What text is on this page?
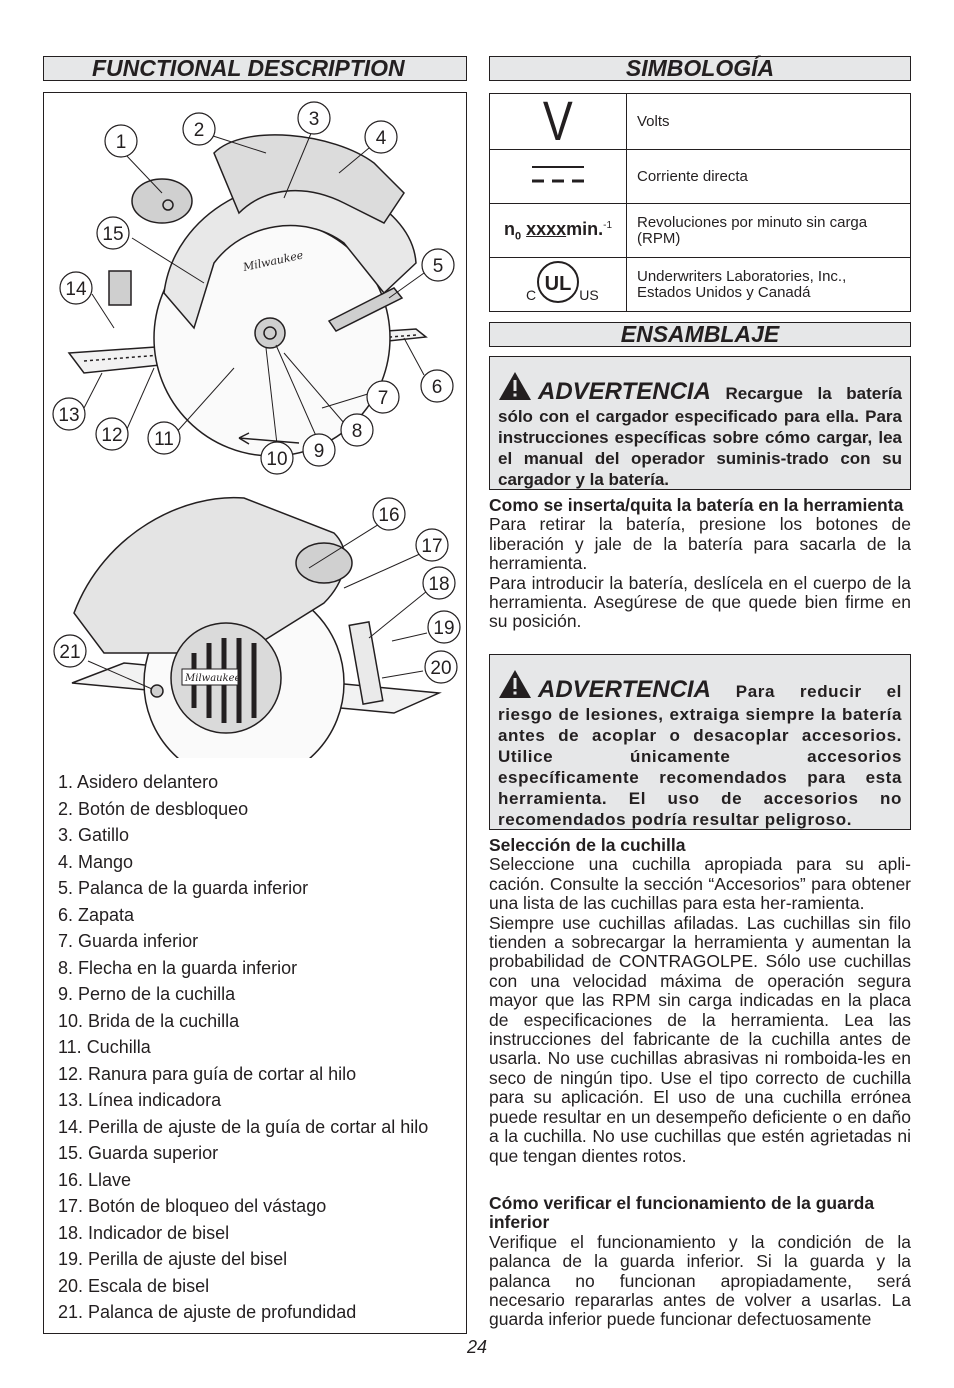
FUNCTIONAL DESCRIPTION	SIMBOLOGÍA
Milwaukee
Milwaukee
1
2
3
4
5
6
7
8
9
10
11
12
13
14
15
16
17
18
19
20
21
1. Asidero delantero
2. Botón de desbloqueo
3. Gatillo
4. Mango
5. Palanca de la guarda inferior
6. Zapata
7. Guarda inferior
8. Flecha en la guarda inferior
9. Perno de la cuchilla
10. Brida de la cuchilla
11. Cuchilla
12. Ranura para guía de cortar al hilo
13. Línea indicadora
14. Perilla de ajuste de la guía de cortar al hilo
15. Guarda superior
16. Llave
17. Botón de bloqueo del vástago
18. Indicador de bisel
19. Perilla de ajuste del bisel
20. Escala de bisel
21. Palanca de ajuste de profundidad
V	Volts
	Corriente directa
$n_0$ xxxxmin.$^{-1}$	Revoluciones por minuto sin carga (RPM)

UL
C US	Underwriters Laboratories, Inc., Estados Unidos y Canadá
ENSAMBLAJE
ADVERTENCIA Recargue la batería sólo con el cargador especificado para ella. Para instrucciones específicas sobre cómo cargar, lea el manual del operador suminis-trado con su cargador y la batería.
Como se inserta/quita la batería en la herramienta

Para retirar la batería, presione los botones de liberación y jale de la batería para sacarla de la herramienta.

Para introducir la batería, deslícela en el cuerpo de la herramienta. Asegúrese de que quede bien firme en su posición.

ADVERTENCIA Para reducir el riesgo de lesiones, extraiga siempre la batería antes de acoplar o desacoplar accesorios. Utilice únicamente accesorios específicamente recomendados para esta herramienta. El uso de accesorios no recomendados podría resultar peligroso.
Selección de la cuchilla

Seleccione una cuchilla apropiada para su apli-cación. Consulte la sección “Accesorios” para obtener una lista de las cuchillas para esta her-ramienta.

Siempre use cuchillas afiladas. Las cuchillas sin filo tienden a sobrecargar la herramienta y aumentan la probabilidad de CONTRAGOLPE. Sólo use cuchillas con una velocidad máxima de operación segura mayor que las RPM sin carga indicadas en la placa de especificaciones de la herramienta. Lea las instrucciones del fabricante de la cuchilla antes de usarla. No use cuchillas abrasivas ni romboida-les en seco de ningún tipo. Use el tipo correcto de cuchilla para su aplicación. El uso de una cuchilla errónea puede resultar en un desempeño deficiente o en daño a la cuchilla. No use cuchillas que estén agrietadas ni que tengan dientes rotos.

Cómo verificar el funcionamiento de la guarda inferior

Verifique el funcionamiento y la condición de la palanca de la guarda inferior. Si la guarda y la palanca no funcionan apropiadamente, será necesario repararlas antes de volver a usarlas. La guarda inferior puede funcionar defectuosamente

24
